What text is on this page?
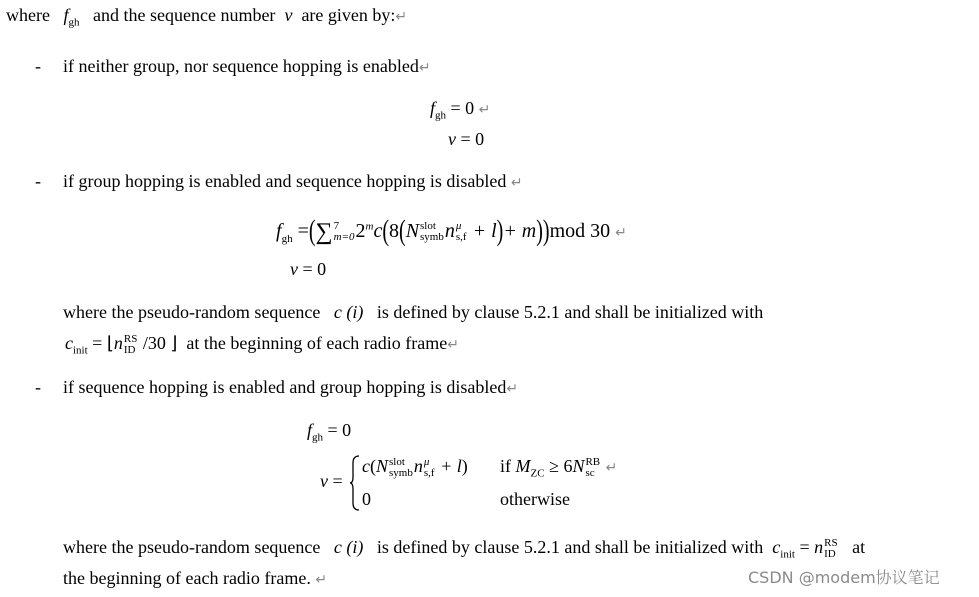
where $f_{gh}$ and the sequence number v are given by:↵
- if neither group, nor sequence hopping is enabled↵
$f_{gh} = 0$ ↵
v = 0
- if group hopping is enabled and sequence hopping is disabled ↵
$f_{gh}$ =(∑ 7
m=0 2$^m$c(8(N slot
symb n μ
s,f + l)+ m))mod 30 ↵
v = 0
where the pseudo-random sequence c (i) is defined by clause 5.2.1 and shall be initialized with
$c_{init}$ = ⌊n RS
ID /30 ⌋  at the beginning of each radio frame↵
- if sequence hopping is enabled and group hopping is disabled↵
$f_{gh} = 0$
v =
c(N slot
symb n μ
s,f + l) if $M_{ZC} \ge 6N$ RB
sc ↵
0	otherwise
where the pseudo-random sequence c (i) is defined by clause 5.2.1 and shall be initialized with $c_{init} = n$ RS
ID at
the beginning of each radio frame. ↵	CSDN @modem协议笔记
